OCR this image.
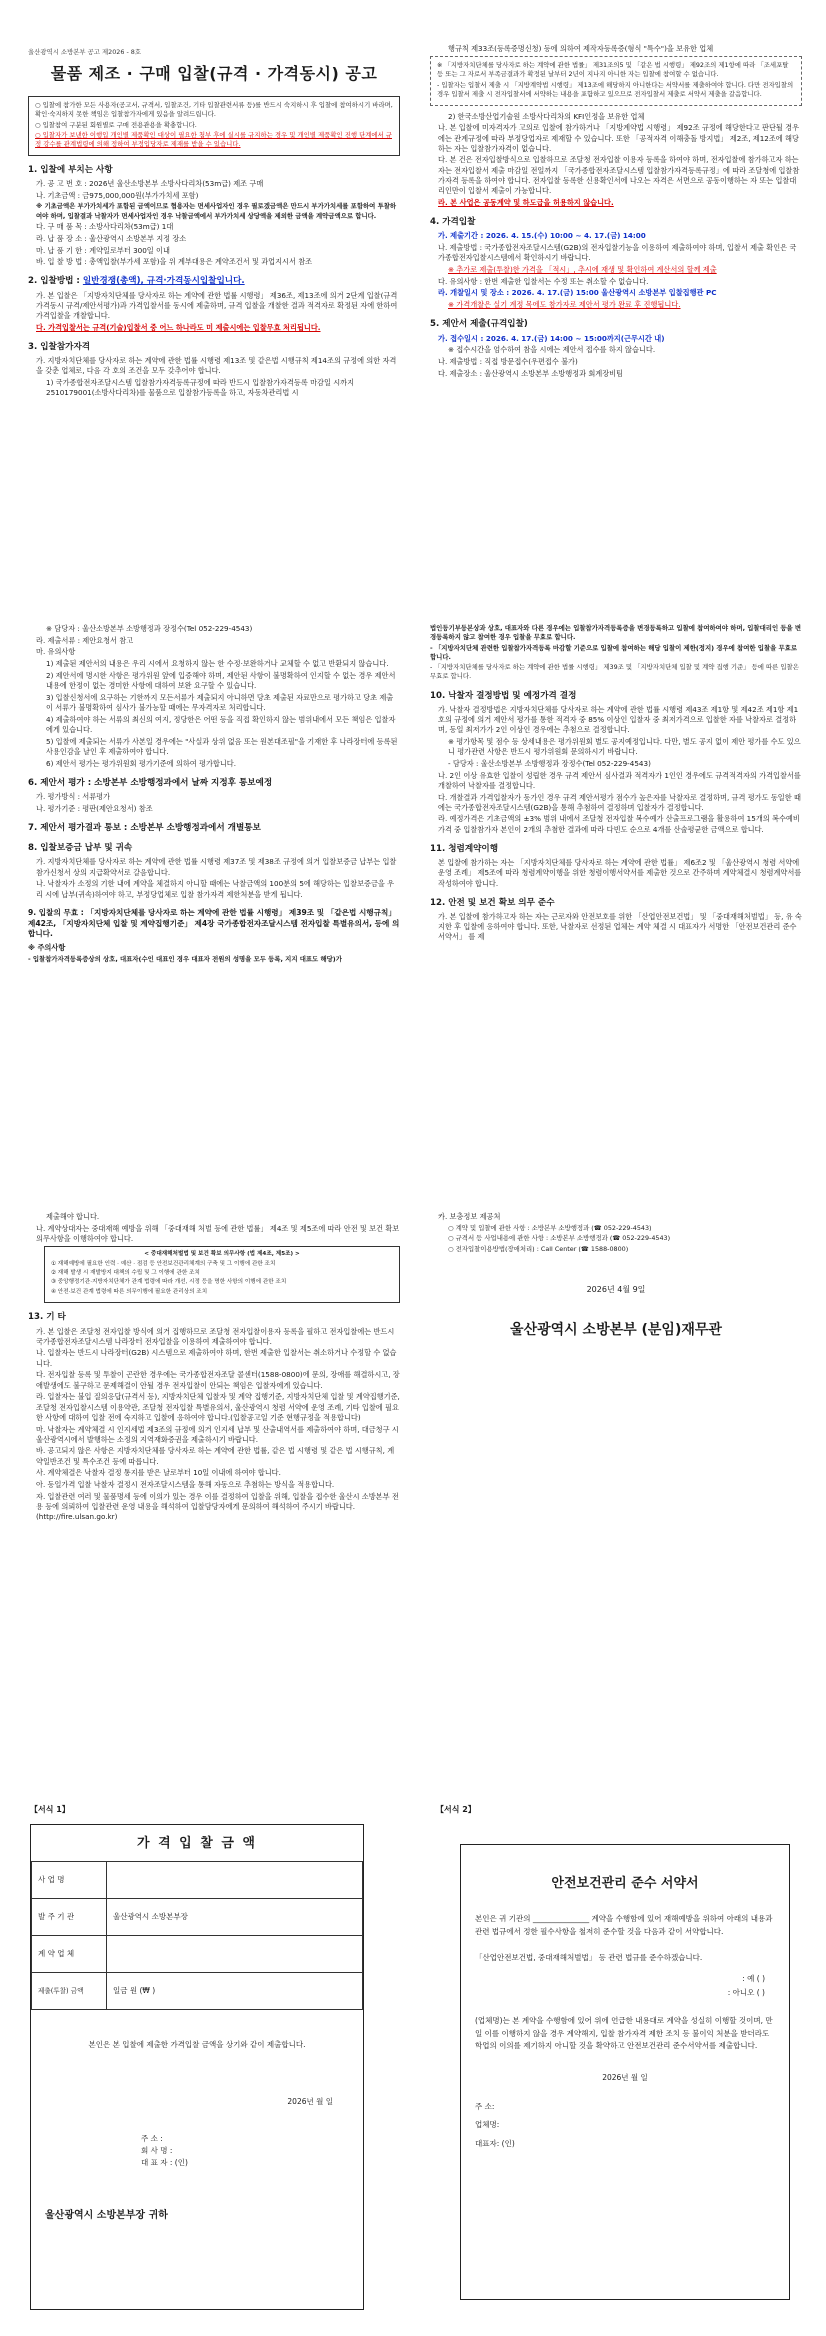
울산광역시 소방본부 공고 제2026 - 8호

물품 제조 · 구매 입찰(규격 · 가격동시) 공고

○ 입찰에 참가한 모든 사용자(공고서, 규격서, 입찰조건, 기타 입찰관련서류 등)를 반드시 숙지하시 후 입찰에 참여하시기 바라며, 확인·숙지하지 못한 책임은 입찰참가자에게 있음을 알려드립니다.

○ 입찰참여 구분된 회원별로 구매 전용관용을 확충합니다.

○ 입찰자가 보낸한 이행입 개인별 제품확인 대상이 필요한 첨부 후에 실시를 규지하는 경우 및 개인별 제품확인 진행 단계에서 규정 강수를 관계법령에 의해 정하여 부정입당자로 제재를 받을 수 있습니다.

1. 입찰에 부치는 사항

가. 공 고 번 호 : 2026년 울산소방본부 소방사다리차(53m급) 제조 구매

나. 기초금액 : 금975,000,000원(부가가치세 포함)

※ 기초금액은 부가가치세가 포함된 금액이므로 협용자는 면세사업자인 경우 필로겠금액은 만드시 부가가치세를 포함하여 투찰하여야 하며, 입찰결과 낙찰자가 면세사업자인 경우 낙찰금액에서 부가가치세 상당액을 제외한 금액을 계약금액으로 합니다.

다. 구 매 품 목 : 소방사다리차(53m급) 1대

라. 납 품 장 소 : 울산광역시 소방본부 지정 장소

마. 납 품 기 한 : 계약일로부터 300일 이내

바. 입 찰 방 법 : 총액입찰(부가세 포함)을 위 계부대용은 계약조건서 및 과업지시서 참조

2. 입찰방법 : 일반경쟁(총액), 규격·가격동시입찰입니다.

가. 본 입찰은 「지방자치단체를 당사자로 하는 계약에 관한 법률 시행령」 제36조, 제13조에 의거 2단계 입찰(규격가격동시 규격/제안서평가)과 가격입찰서를 동시에 제출하며, 규격 입찰을 개찰한 결과 적격자로 확정된 자에 한하여 가격입찰을 개찰합니다.

다. 가격입찰서는 규격(기술)입찰서 중 어느 하나라도 미 제출시에는 입찰무효 처리됩니다.

3. 입찰참가자격

가. 지방자치단체를 당사자로 하는 계약에 관한 법률 시행령 제13조 및 같은법 시행규칙 제14조의 규정에 의한 자격을 갖춘 업체로, 다음 각 호의 조건을 모두 갖추어야 합니다.

1) 국가종합전자조달시스템 입찰참가자격등록규정에 따라 반드시 입찰참가자격등록 마감일 시까지 2510179001(소방사다리차)를 물품으로 입찰참가등록을 하고, 자동차관리법 시

행규칙 제33조(등록증명신청) 등에 의하여 제작자등록증(형식 "특수")을 보유한 업체

※ 「지방자치단체를 당사자로 하는 계약에 관한 법률」 제31조의5 및 「같은 법 시행령」 제92조의 제1항에 따라 「조세포탈 등 또는 그 자로서 부족금결과가 확정된 날부터 2년이 지나지 아니한 자는 입찰에 참여할 수 없습니다.

- 입찰자는 입찰서 제출 시 「지방계약법 시행령」 제13조에 해당하지 아니한다는 서약서를 제출하여야 합니다. 다만 전자입찰의 경우 입찰서 제출 시 전자입찰서에 서약하는 내용을 포함하고 있으므로 전자입찰서 제출로 서약서 제출을 갈음합니다.

2) 한국소방산업기술원 소방사다리차의 KFI인정을 보유한 업체

나. 본 입찰에 미자격자가 고의로 입찰에 참가하거나 「지방계약법 시행령」 제92조 규정에 해당한다고 판단될 경우에는 관계규정에 따라 부정당업자로 제재할 수 있습니다. 또한 「공적자격 이해충돌 방지법」 제2조, 제12조에 해당하는 자는 입찰참가자격이 없습니다.

다. 본 건은 전자입찰방식으로 입찰하므로 조달청 전자입찰 이용자 등록을 하여야 하며, 전자입찰에 참가하고자 하는 자는 전자입찰서 제출 마감일 전일까지 「국가종합전자조달시스템 입찰참가자격등록규정」에 따라 조달청에 입찰참가자격 등록을 하여야 합니다. 전자입찰 등록한 신용확인서에 나오는 자격은 서면으로 공동이행하는 자 또는 입찰대리인만이 입찰서 제출이 가능합니다.

라. 본 사업은 공동계약 및 하도급을 허용하지 않습니다.

4. 가격입찰

가. 제출기간 : 2026. 4. 15.(수) 10:00 ~ 4. 17.(금) 14:00

나. 제출방법 : 국가종합전자조달시스템(G2B)의 전자입찰기능을 이용하여 제출하여야 하며, 입찰서 제출 확인은 국가종합전자입찰시스템에서 확인하시기 바랍니다.

※ 추가로 제출(투찰)한 가격을 「적시」, 추시에 재생 및 확인하여 계산서의 할께 제출

다. 유의사항 : 한번 제출한 입찰서는 수정 또는 취소할 수 없습니다.

라. 개찰일시 및 장소 : 2026. 4. 17.(금) 15:00 울산광역시 소방본부 입찰집행관 PC

※ 가격개찰은 실기 계정 목에도 참가자로 제안서 평가 완료 후 진행됩니다.

5. 제안서 제출(규격입찰)

가. 접수일시 : 2026. 4. 17.(금) 14:00 ~ 15:00까지(근무시간 내)

※ 접수시간을 엄수하여 참을 시에는 제안서 접수를 하지 않습니다.

나. 제출방법 : 직접 방문접수(우편접수 불가)

다. 제출장소 : 울산광역시 소방본부 소방행정과 회계장비팀

※ 담당자 : 울산소방본부 소방행정과 장정수(Tel 052-229-4543)

라. 제출서류 : 제안요청서 참고

마. 유의사항

1) 제출된 제안서의 내용은 우리 시에서 요청하지 않는 한 수정·보완하거나 교체할 수 없고 반환되지 않습니다.

2) 제안서에 명시한 사항은 평가위원 앞에 입증해야 하며, 제안된 사항이 불명확하여 인지할 수 없는 경우 제안서 내용에 한정이 없는 경미한 사항에 대하여 보완 요구할 수 있습니다.

3) 입찰신청서에 요구하는 기한까지 모든서류가 제출되지 아니하면 당초 제출된 자료만으로 평가하고 당초 제출이 서류가 불명확하여 심사가 불가능할 때에는 무자격자로 처리합니다.

4) 제출하여야 하는 서류의 최신의 여지, 정당한은 어떤 등을 직접 확인하지 않는 범위내에서 모든 책임은 입찰자에게 있습니다.

5) 입찰에 제출되는 서류가 사본일 경우에는 "사실과 상위 없음 또는 원본대조필"을 기재한 후 나라장터에 등록된 사용인감을 날인 후 제출하여야 합니다.

6) 제안서 평가는 평가위원회 평가기준에 의하여 평가합니다.

6. 제안서 평가 : 소방본부 소방행정과에서 날짜 지정후 통보예정

가. 평가방식 : 서류평가

나. 평가기준 : 평판(제안요청서) 참조

7. 제안서 평가결과 통보 : 소방본부 소방행정과에서 개별통보
8. 입찰보증금 납부 및 귀속

가. 지방자치단체를 당사자로 하는 계약에 관한 법률 시행령 제37조 및 제38조 규정에 의거 입찰보증금 납부는 입찰참가신청서 상의 지급확약서로 갈음합니다.

나. 낙찰자가 소정의 기한 내에 계약을 체결하지 아니할 때에는 낙찰금액의 100분의 5에 해당하는 입찰보증금을 우리 시에 납부(귀속)하여야 하고, 부정당업체로 입찰 참가자격 제한처분을 받게 됩니다.

9. 입찰의 무효 : 「지방자치단체를 당사자로 하는 계약에 관한 법률 시행령」 제39조 및 「같은법 시행규칙」 제42조, 「지방자치단체 입찰 및 계약집행기준」 제4장 국가종합전자조달시스템 전자입찰 특별유의서, 등에 의합니다.

※ 주의사항

- 입찰참가자격등록증상의 상호, 대표자(수인 대표인 경우 대표자 전원의 성명을 모두 등록, 지지 대표도 해당)가

법인등기부등본상과 상호, 대표자와 다른 경우에는 입찰참가자격등록증을 변경등록하고 입찰에 참여하여야 하며, 입찰대리인 등을 변경등록하지 않고 참여한 경우 입찰을 무효로 합니다.

- 「지방자치단체 관련한 입찰참가자격등록 마감할 기준으로 입찰에 참여하는 해당 입찰이 제한(정지) 경우에 참여한 입찰을 무효로 합니다.

- 「지방자치단체를 당사자로 하는 계약에 관한 법률 시행령」 제39조 및 「지방자치단체 입찰 및 계약 집행 기준」 등에 따른 입찰은 무효로 합니다.

10. 낙찰자 결정방법 및 예정가격 결정

가. 낙찰자 결정방법은 지방자치단체를 당사자로 하는 계약에 관한 법률 시행령 제43조 제1항 및 제42조 제1항 제1호의 규정에 의거 제안서 평가를 통한 적격자 중 85% 이상인 입찰자 중 최저가격으로 입찰한 자를 낙찰자로 결정하며, 동일 최저가가 2인 이상인 경우에는 추첨으로 결정합니다.

※ 평가항목 및 점수 등 상세내용은 평가위원회 별도 공지예정입니다. 다만, 별도 공지 없이 제안 평가를 수도 있으니 평가관련 사항은 반드시 평가위원회 문의하시기 바랍니다.

- 담당자 : 울산소방본부 소방행정과 장정수(Tel 052-229-4543)

나. 2인 이상 유효한 입찰이 성립한 경우 규격 제안서 심사결과 적격자가 1인인 경우에도 규격적격자의 가격입찰서를 개찰하여 낙찰자를 결정합니다.

다. 개찰결과 가격입찰자가 동가인 경우 규격 제안서평가 점수가 높은자를 낙찰자로 결정하며, 규격 평가도 동일한 때에는 국가종합전자조달시스템(G2B)을 통해 추첨하여 결정하며 입찰자가 결정합니다.

라. 예정가격은 기초금액의 ±3% 범위 내에서 조달청 전자입찰 복수예가 산출프로그램을 활용하여 15개의 복수예비가격 중 입찰참가자 본인이 2개의 추첨한 결과에 따라 다빈도 순으로 4개를 산술평균한 금액으로 합니다.

11. 청렴계약이행

본 입찰에 참가하는 자는 「지방자치단체를 당사자로 하는 계약에 관한 법률」 제6조2 및 「울산광역시 청렴 서약에 운영 조례」 제5조에 따라 청렴계약이행을 위한 청렴이행서약서를 제출한 것으로 간주하며 계약체결시 청렴계약서를 작성하여야 합니다.

12. 안전 및 보건 확보 의무 준수

가. 본 입찰에 참가하고자 하는 자는 근로자와 안전보호를 위한 「산업안전보건법」 및 「중대재해처벌법」 등, 유 숙지한 후 입찰에 응하여야 합니다. 또한, 낙찰자로 선정된 업체는 계약 체결 시 대표자가 서명한 「안전보건관리 준수 서약서」 를 제

제출해야 합니다.

나. 계약상대자는 중대재해 예방을 위해 「중대재해 처벌 등에 관한 법률」 제4조 및 제5조에 따라 안전 및 보건 확보 의무사항을 이행하여야 합니다.

< 중대재해처벌법 및 보건 확보 의무사항 (법 제4조, 제5조) >

① 재해예방에 필요한 인력 · 예산 · 점검 등 안전보건관리체계의 구축 및 그 이행에 관한 조치

② 재해 발생 시 재발방지 대책의 수립 및 그 이행에 관한 조치

③ 중앙행정기관·지방자치단체가 관계 법령에 따라 개선, 시정 등을 명한 사항의 이행에 관한 조치

④ 안전·보건 관계 법령에 따른 의무이행에 필요한 관리상의 조치

13. 기 타

가. 본 입찰은 조달청 전자입찰 방식에 의거 집행하므로 조달청 전자입찰이용자 등록을 필하고 전자입찰에는 반드시 국가종합전자조달시스템 나라장터 전자입찰을 이용하여 제출하여야 합니다.

나. 입찰자는 반드시 나라장터(G2B) 시스템으로 제출하여야 하며, 한번 제출한 입찰서는 취소하거나 수정할 수 없습니다.

다. 전자입찰 등록 및 투찰이 곤란한 경우에는 국가종합전자조달 콜센터(1588-0800)에 문의, 장애를 해결하시고, 장애발생에도 불구하고 문제해결이 안될 경우 전자입찰이 안되는 책임은 입찰자에게 있습니다.

라. 입찰자는 불입 질의응답(규격서 등), 지방자치단체 입찰자 및 계약 집행기준, 지방자치단체 입찰 및 계약집행기준, 조달청 전자입찰시스템 이용약관, 조달청 전자입찰 특별유의서, 울산광역시 청렴 서약에 운영 조례, 기타 입찰에 필요한 사항에 대하여 입찰 전에 숙지하고 입찰에 응하여야 합니다.(입찰공고일 기준 현행규정을 적용합니다)

마. 낙찰자는 계약체결 시 인지세법 제3조의 규정에 의거 인지세 납부 및 산출내역서를 제출하여야 하며, 대금청구 시 울산광역시에서 발행하는 소정의 지역재화증권을 제출하시기 바랍니다.

바. 공고되지 않은 사항은 지방자치단체를 당사자로 하는 계약에 관한 법률, 같은 법 시행령 및 같은 법 시행규칙, 계약일반조건 및 특수조건 등에 따릅니다.

사. 계약체결은 낙찰자 결정 통지를 받은 날로부터 10일 이내에 하여야 합니다.

아. 동일가격 입찰 낙찰자 결정시 전자조달시스템을 통해 자동으로 추첨하는 방식을 적용합니다.

자. 입찰관련 여러 및 물품명세 등에 이의가 있는 경우 이를 결정하여 입찰을 위해, 입찰을 접수한 울산시 소방본부 전용 등에 의뢰하여 입찰관련 운영 내용을 해석하여 입찰담당자에게 문의하여 해석하여 주시기 바랍니다.(http://fire.ulsan.go.kr)

카. 보충정보 제공처

○ 계약 및 입찰에 관한 사항 : 소방본부 소방행정과 (☎ 052-229-4543)

○ 규격서 등 사업내용에 관한 사항 : 소방본부 소방행정과 (☎ 052-229-4543)

○ 전자입찰이용방법(장애처리) : Call Center (☎ 1588-0800)

2026년 4월 9일

울산광역시 소방본부 (분임)재무관

【서식 1】
가 격 입 찰 금 액
사 업 명	
발 주 기 관	울산광역시 소방본부장
계 약 업 체	
제출(투찰) 금액	일금 원 (₩ )

본인은 본 입찰에 제출한 가격입찰 금액을 상기와 같이 제출합니다.

2026년 월 일

주 소 :

회 사 명 :

대 표 자 : (인)

울산광역시 소방본부장 귀하

【서식 2】
안전보건관리 준수 서약서

본인은 귀 기관의 _______________ 계약을 수행함에 있어 재해예방을 위하여 아래의 내용과 관련 법규에서 정한 필수사항을 철저히 준수할 것을 다음과 같이 서약합니다.

「산업안전보건법, 중대재해처벌법」 등 관련 법규를 준수하겠습니다.

: 예 ( )

: 아니오 ( )

(업체명)는 본 계약을 수행함에 있어 위에 언급한 내용대로 계약을 성실히 이행할 것이며, 만일 이를 이행하지 않을 경우 계약해지, 입찰 참가자격 제한 조치 등 불이익 처분을 받더라도 학업의 이의를 제기하지 아니할 것을 확약하고 안전보건관리 준수서약서를 제출합니다.

2026년 월 일

주 소:

업체명:

대표자: (인)
